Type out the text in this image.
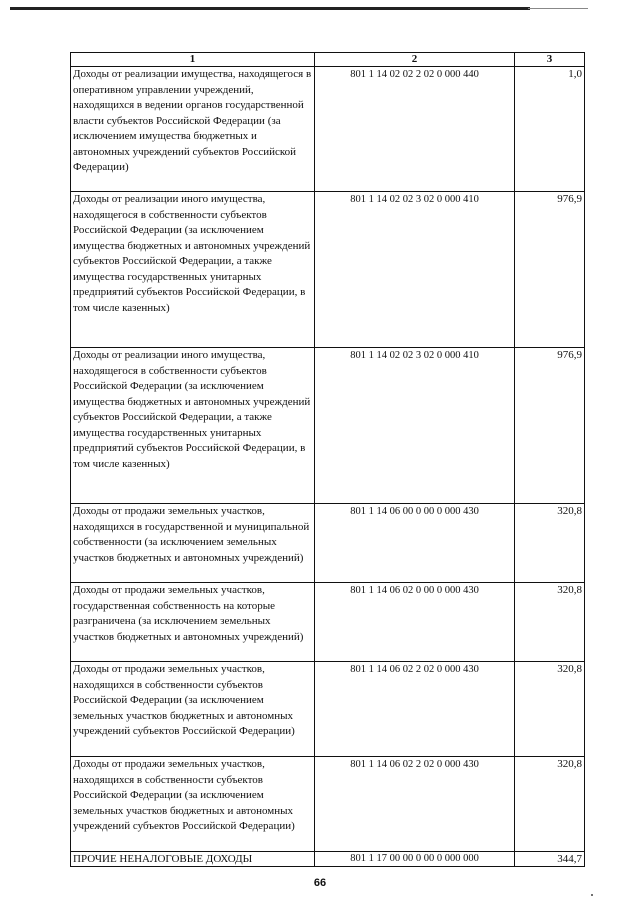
1	2	3
Доходы от реализации имущества, находящегося в оперативном управлении учреждений, находящихся в ведении органов государственной власти субъектов Российской Федерации (за исключением имущества бюджетных и автономных учреждений субъектов Российской Федерации)	801 1 14 02 02 2 02 0 000 440	1,0
Доходы от реализации иного имущества, находящегося в собственности субъектов Российской Федерации (за исключением имущества бюджетных и автономных учреждений субъектов Российской Федерации, а также имущества государственных унитарных предприятий субъектов Российской Федерации, в том числе казенных)	801 1 14 02 02 3 02 0 000 410	976,9
Доходы от реализации иного имущества, находящегося в собственности субъектов Российской Федерации (за исключением имущества бюджетных и автономных учреждений субъектов Российской Федерации, а также имущества государственных унитарных предприятий субъектов Российской Федерации, в том числе казенных)	801 1 14 02 02 3 02 0 000 410	976,9
Доходы от продажи земельных участков, находящихся в государственной и муниципальной собственности (за исключением земельных участков бюджетных и автономных учреждений)	801 1 14 06 00 0 00 0 000 430	320,8
Доходы от продажи земельных участков, государственная собственность на которые разграничена (за исключением земельных участков бюджетных и автономных учреждений)	801 1 14 06 02 0 00 0 000 430	320,8
Доходы от продажи земельных участков, находящихся в собственности субъектов Российской Федерации (за исключением земельных участков бюджетных и автономных учреждений субъектов Российской Федерации)	801 1 14 06 02 2 02 0 000 430	320,8
Доходы от продажи земельных участков, находящихся в собственности субъектов Российской Федерации (за исключением земельных участков бюджетных и автономных учреждений субъектов Российской Федерации)	801 1 14 06 02 2 02 0 000 430	320,8
ПРОЧИЕ НЕНАЛОГОВЫЕ ДОХОДЫ	801 1 17 00 00 0 00 0 000 000	344,7
66
